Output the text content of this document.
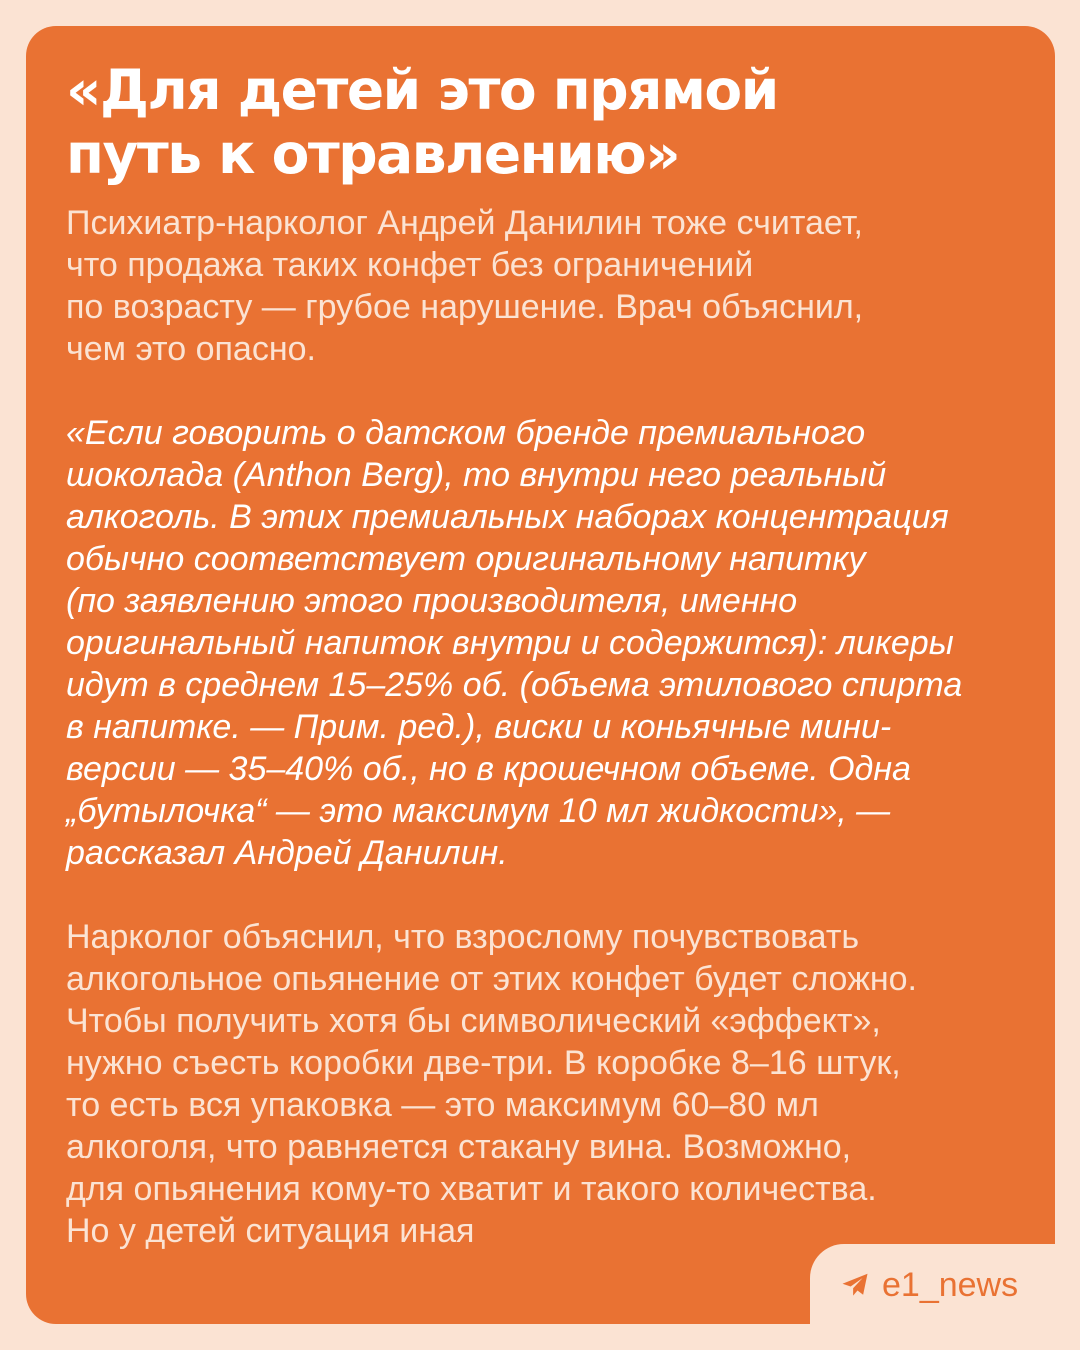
«Для детей это прямой
путь к отравлению»

Психиатр-нарколог Андрей Данилин тоже считает,
что продажа таких конфет без ограничений
по возрасту — грубое нарушение. Врач объяснил,
чем это опасно.

«Если говорить о датском бренде премиального
шоколада (Anthon Berg), то внутри него реальный
алкоголь. В этих премиальных наборах концентрация
обычно соответствует оригинальному напитку
(по заявлению этого производителя, именно
оригинальный напиток внутри и содержится): ликеры
идут в среднем 15–25% об. (объема этилового спирта
в напитке. — Прим. ред.), виски и коньячные мини-
версии — 35–40% об., но в крошечном объеме. Одна
„бутылочка“ — это максимум 10 мл жидкости», —
рассказал Андрей Данилин.

Нарколог объяснил, что взрослому почувствовать
алкогольное опьянение от этих конфет будет сложно.
Чтобы получить хотя бы символический «эффект»,
нужно съесть коробки две-три. В коробке 8–16 штук,
то есть вся упаковка — это максимум 60–80 мл
алкоголя, что равняется стакану вина. Возможно,
для опьянения кому-то хватит и такого количества.
Но у детей ситуация иная

e1_news
